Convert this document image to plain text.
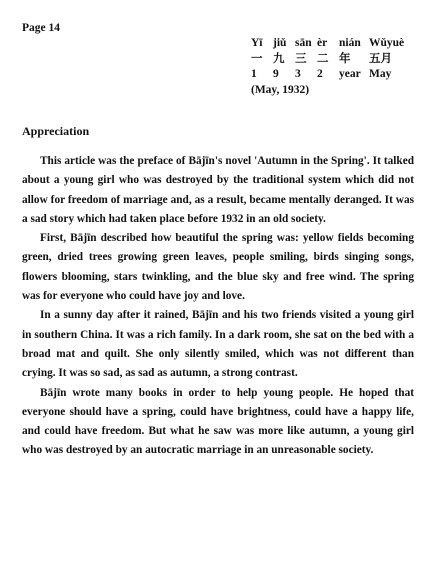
Page 14
Yī jiǔ sān èr	nián Wǔyuè
一 九 三 二 年	五月
1	9	3	2	year May
(May, 1932)
Appreciation

This article was the preface of Bājīn's novel 'Autumn in the Spring'. It talked about a young girl who was destroyed by the traditional system which did not allow for freedom of marriage and, as a result, became mentally deranged. It was a sad story which had taken place before 1932 in an old society.

First, Bājīn described how beautiful the spring was: yellow fields becoming green, dried trees growing green leaves, people smiling, birds singing songs, flowers blooming, stars twinkling, and the blue sky and free wind. The spring was for everyone who could have joy and love.

In a sunny day after it rained, Bājīn and his two friends visited a young girl in southern China. It was a rich family. In a dark room, she sat on the bed with a broad mat and quilt. She only silently smiled, which was not different than crying. It was so sad, as sad as autumn, a strong contrast.

Bājīn wrote many books in order to help young people. He hoped that everyone should have a spring, could have brightness, could have a happy life, and could have freedom. But what he saw was more like autumn, a young girl who was destroyed by an autocratic marriage in an unreasonable society.
